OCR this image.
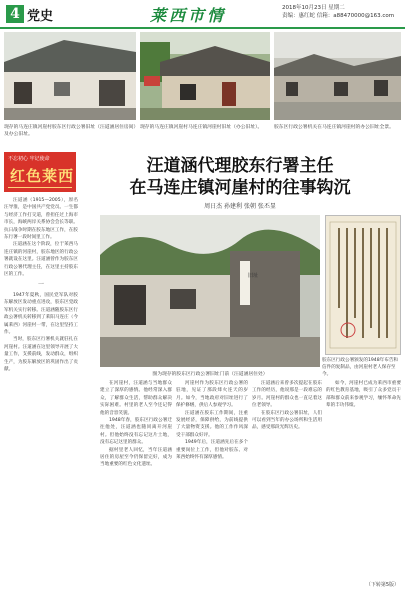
4 党史	莱西市情	2018年10月23日 星期二
责编：惠红蛇 信箱：a88470000@163.com
现存的马连庄镇河崖村胶东区行政公署旧址（汪道涵居住房间）及办公旧址。
现存的马连庄镇河崖村马连庄镇河崖村旧址（办公旧址）。	胶东区行政公署机关在马连庄镇河崖村的办公旧址全景。
不忘初心 牢记使命
红色莱西	汪道涵代理胶东行署主任
在马连庄镇河崖村的往事钩沉
周日杰 孙建利 张朝 张丕显

汪道涵（1915—2005），原名汪导淮，是中国共产党党员。一生都与经济工作打交道，曾担任过上海市市长，海峡两岸关系协会会长等职。抗日战争时期在胶东地区工作，在胶东行署一段时间里工作。

汪道涵在这个阶段，位于莱西马连庄镇的河崖村，胶东地区的行政公署就设在这里。汪道涵曾作为胶东区行政公署代理主任，在这里主持胶东区的工作。

一

1947年夏秋，国民党军队对胶东解放区发动重点进攻，胶东区党政军机关实行转移。汪道涵随胶东区行政公署机关转移到了莱阳马连庄（今属莱西）河崖村一带，在这里坚持工作。

当时，胶东区行署机关就驻扎在河崖村。汪道涵在这里领导开展了大量工作，支援前线，发动群众，组织生产，为胶东解放区的巩固作出了贡献。

旧址
图为现存的胶东区行政公署旧址门前（汪道涵居住处）
胶东区行政公署颁发的1948年布告和信件的复制品，由河崖村老人保存至今。

在河崖村，汪道涵与当地群众建立了深厚的感情。他经常深入群众，了解群众生活，帮助群众解决实际困难。村里的老人至今还记得他的音容笑貌。

1948年春，胶东区行政公署迁往他处，汪道涵也随同离开河崖村。但他始终没有忘记这片土地，没有忘记这里的群众。

据村里老人回忆，当年汪道涵居住的房屋至今仍保留完好，成为当地重要的红色文化遗址。

河崖村作为胶东区行政公署的驻地，见证了那段烽火连天的岁月。如今，当地政府对旧址进行了保护修缮，供后人参观学习。

汪道涵在胶东工作期间，注重发展经济，保障供给，为前线提供了大量物资支援。他的工作作风深受干部群众好评。

1949年后，汪道涵先后在多个重要岗位上工作，但他对胶东、对莱西始终怀有深厚感情。

汪道涵后来曾多次提起在胶东工作的经历，他说那是一段难忘的岁月。河崖村的群众也一直记着这位老领导。

在胶东区行政公署旧址，人们可以看到当年的办公场所和生活用品，感受那段光辉历史。

如今，河崖村已成为莱西市重要的红色教育基地，吸引了众多党员干部和群众前来参观学习，缅怀革命先辈的丰功伟绩。

（下转第5版）
